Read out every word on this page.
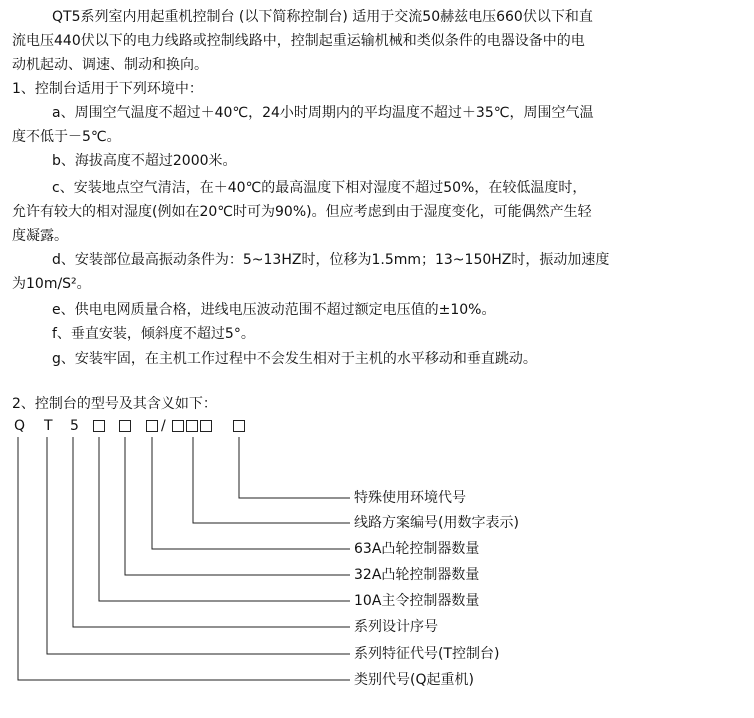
QT5系列室内用起重机控制台 (以下简称控制台) 适用于交流50赫兹电压660伏以下和直
流电压440伏以下的电力线路或控制线路中，控制起重运输机械和类似条件的电器设备中的电
动机起动、调速、制动和换向。
1、控制台适用于下列环境中：
a、周围空气温度不超过＋40℃，24小时周期内的平均温度不超过＋35℃，周围空气温
度不低于－5℃。
b、海拔高度不超过2000米。
c、安装地点空气清洁，在＋40℃的最高温度下相对湿度不超过50%，在较低温度时，
允许有较大的相对湿度(例如在20℃时可为90%)。但应考虑到由于湿度变化，可能偶然产生轻
度凝露。
d、安装部位最高振动条件为：5~13HZ时，位移为1.5mm；13~150HZ时，振动加速度
为10m/S²。
e、供电电网质量合格，进线电压波动范围不超过额定电压值的±10%。
f、垂直安装，倾斜度不超过5°。
g、安装牢固，在主机工作过程中不会发生相对于主机的水平移动和垂直跳动。
2、控制台的型号及其含义如下：
Q T 5	/
特殊使用环境代号
线路方案编号(用数字表示)
63A凸轮控制器数量
32A凸轮控制器数量
10A主令控制器数量
系列设计序号
系列特征代号(T控制台)
类别代号(Q起重机)
